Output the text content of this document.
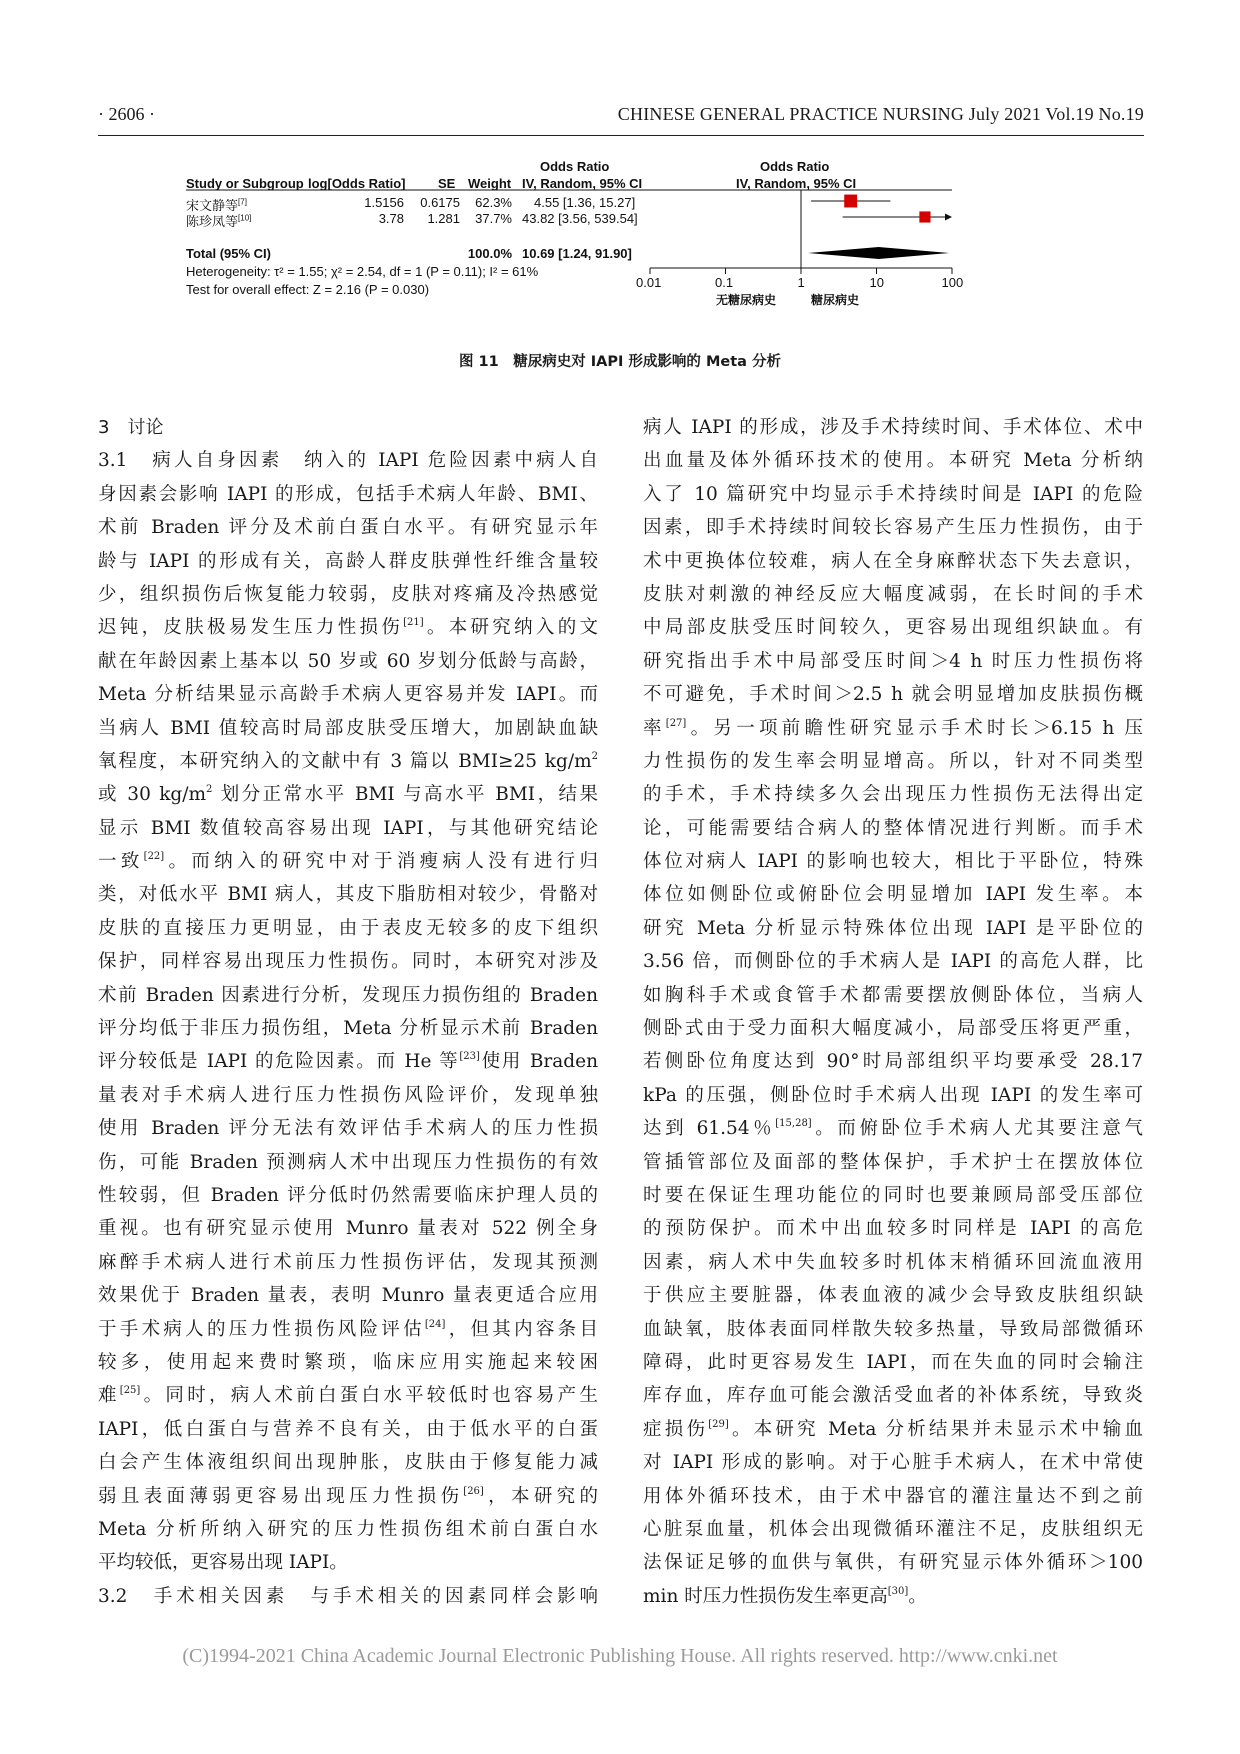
· 2606 ·	CHINESE GENERAL PRACTICE NURSING July 2021 Vol.19 No.19
Odds Ratio	Odds Ratio
Study or Subgroup log[Odds Ratio]	SE Weight IV, Random, 95% CI	IV, Random, 95% CI
宋文静等[7]	1.5156	0.6175	62.3% 4.55 [1.36, 15.27]
陈珍凤等[10]	3.78	1.281	37.7% 43.82 [3.56, 539.54]
Total (95% CI)	100.0% 10.69 [1.24, 91.90]
Heterogeneity: τ² = 1.55; χ² = 2.54, df = 1 (P = 0.11); I² = 61%
Test for overall effect: Z = 2.16 (P = 0.030)	0.01	0.1	1	10	100
无糖尿病史	糖尿病史
图 11　糖尿病史对 IAPI 形成影响的 Meta 分析
3　讨论
3.1　病人自身因素　纳入的 IAPI 危险因素中病人自
身因素会影响 IAPI 的形成，包括手术病人年龄、BMI、
术前 Braden 评分及术前白蛋白水平。有研究显示年
龄与 IAPI 的形成有关，高龄人群皮肤弹性纤维含量较
少，组织损伤后恢复能力较弱，皮肤对疼痛及冷热感觉
迟钝，皮肤极易发生压力性损伤[21]。本研究纳入的文
献在年龄因素上基本以 50 岁或 60 岁划分低龄与高龄，
Meta 分析结果显示高龄手术病人更容易并发 IAPI。而
当病人 BMI 值较高时局部皮肤受压增大，加剧缺血缺
氧程度，本研究纳入的文献中有 3 篇以 BMI≥25 $kg/m^2$
或 30 $kg/m^2$ 划分正常水平 BMI 与高水平 BMI，结果
显示 BMI 数值较高容易出现 IAPI，与其他研究结论
一致[22]。而纳入的研究中对于消瘦病人没有进行归
类，对低水平 BMI 病人，其皮下脂肪相对较少，骨骼对
皮肤的直接压力更明显，由于表皮无较多的皮下组织
保护，同样容易出现压力性损伤。同时，本研究对涉及
术前 Braden 因素进行分析，发现压力损伤组的 Braden
评分均低于非压力损伤组，Meta 分析显示术前 Braden
评分较低是 IAPI 的危险因素。而 He 等[23]使用 Braden
量表对手术病人进行压力性损伤风险评价，发现单独
使用 Braden 评分无法有效评估手术病人的压力性损
伤，可能 Braden 预测病人术中出现压力性损伤的有效
性较弱，但 Braden 评分低时仍然需要临床护理人员的
重视。也有研究显示使用 Munro 量表对 522 例全身
麻醉手术病人进行术前压力性损伤评估，发现其预测
效果优于 Braden 量表，表明 Munro 量表更适合应用
于手术病人的压力性损伤风险评估[24]，但其内容条目
较多，使用起来费时繁琐，临床应用实施起来较困
难[25]。同时，病人术前白蛋白水平较低时也容易产生
IAPI，低白蛋白与营养不良有关，由于低水平的白蛋
白会产生体液组织间出现肿胀，皮肤由于修复能力减
弱且表面薄弱更容易出现压力性损伤[26]，本研究的
Meta 分析所纳入研究的压力性损伤组术前白蛋白水
平均较低，更容易出现 IAPI。
3.2　手术相关因素　与手术相关的因素同样会影响
病人 IAPI 的形成，涉及手术持续时间、手术体位、术中
出血量及体外循环技术的使用。本研究 Meta 分析纳
入了 10 篇研究中均显示手术持续时间是 IAPI 的危险
因素，即手术持续时间较长容易产生压力性损伤，由于
术中更换体位较难，病人在全身麻醉状态下失去意识，
皮肤对刺激的神经反应大幅度减弱，在长时间的手术
中局部皮肤受压时间较久，更容易出现组织缺血。有
研究指出手术中局部受压时间＞4 h 时压力性损伤将
不可避免，手术时间＞2.5 h 就会明显增加皮肤损伤概
率[27]。另一项前瞻性研究显示手术时长＞6.15 h 压
力性损伤的发生率会明显增高。所以，针对不同类型
的手术，手术持续多久会出现压力性损伤无法得出定
论，可能需要结合病人的整体情况进行判断。而手术
体位对病人 IAPI 的影响也较大，相比于平卧位，特殊
体位如侧卧位或俯卧位会明显增加 IAPI 发生率。本
研究 Meta 分析显示特殊体位出现 IAPI 是平卧位的
3.56 倍，而侧卧位的手术病人是 IAPI 的高危人群，比
如胸科手术或食管手术都需要摆放侧卧体位，当病人
侧卧式由于受力面积大幅度减小，局部受压将更严重，
若侧卧位角度达到 90°时局部组织平均要承受 28.17
kPa 的压强，侧卧位时手术病人出现 IAPI 的发生率可
达到 61.54％[15,28]。而俯卧位手术病人尤其要注意气
管插管部位及面部的整体保护，手术护士在摆放体位
时要在保证生理功能位的同时也要兼顾局部受压部位
的预防保护。而术中出血较多时同样是 IAPI 的高危
因素，病人术中失血较多时机体末梢循环回流血液用
于供应主要脏器，体表血液的减少会导致皮肤组织缺
血缺氧，肢体表面同样散失较多热量，导致局部微循环
障碍，此时更容易发生 IAPI，而在失血的同时会输注
库存血，库存血可能会激活受血者的补体系统，导致炎
症损伤[29]。本研究 Meta 分析结果并未显示术中输血
对 IAPI 形成的影响。对于心脏手术病人，在术中常使
用体外循环技术，由于术中器官的灌注量达不到之前
心脏泵血量，机体会出现微循环灌注不足，皮肤组织无
法保证足够的血供与氧供，有研究显示体外循环＞100
min 时压力性损伤发生率更高[30]。
(C)1994-2021 China Academic Journal Electronic Publishing House. All rights reserved. http://www.cnki.net
